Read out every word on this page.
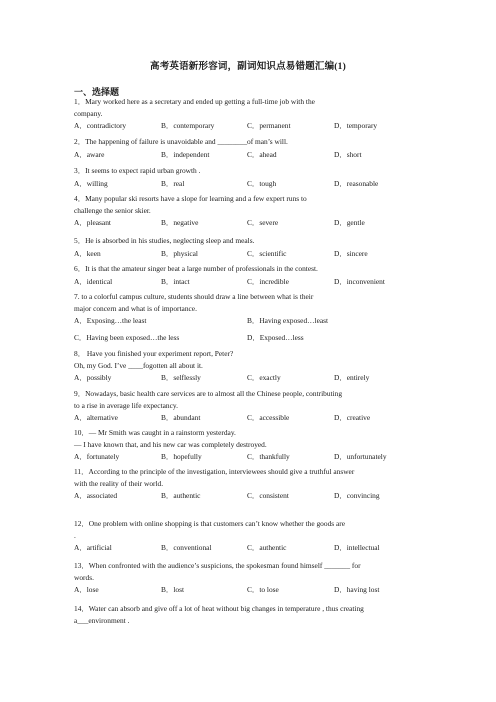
高考英语新形容词，副词知识点易错题汇编(1)
一、选择题
1．Mary worked here as a secretary and ended up getting a full-time job with the
company.
A．contradictory	B．contemporary	C．permanent	D．temporary
2．The happening of failure is unavoidable and ________of man’s will.
A．aware	B．independent	C．ahead	D．short
3．It seems to expect rapid urban growth .
A．willing	B．real	C．tough	D．reasonable
4．Many popular ski resorts have a slope for learning and a few expert runs to
challenge the senior skier.
A．pleasant	B．negative	C．severe	D．gentle
5．He is absorbed in his studies, neglecting sleep and meals.
A．keen	B．physical	C．scientific	D．sincere
6．It is that the amateur singer beat a large number of professionals in the contest.
A．identical	B．intact	C．incredible	D．inconvenient
7. to a colorful campus culture, students should draw a line between what is their
major concern and what is of importance.
A．Exposing…the least	B．Having exposed…least
C．Having been exposed…the less	D．Exposed…less
8． Have you finished your experiment report, Peter?
Oh, my God. I’ve ____fogotten all about it.
A．possibly	B．selflessly	C．exactly	D．entirely
9．Nowadays, basic health care services are to almost all the Chinese people, contributing
to a rise in average life expectancy.
A．alternative	B．abundant	C．accessible	D．creative
10．— Mr Smith was caught in a rainstorm yesterday.
— I have known that, and his new car was completely destroyed.
A．fortunately	B．hopefully	C．thankfully	D．unfortunately
11．According to the principle of the investigation, interviewees should give a truthful answer
with the reality of their world.
A．associated	B．authentic	C．consistent	D．convincing
12．One problem with online shopping is that customers can’t know whether the goods are
.
A．artificial	B．conventional	C．authentic	D．intellectual
13．When confronted with the audience’s suspicions, the spokesman found himself _______ for
words.
A．lose	B．lost	C．to lose	D．having lost
14．Water can absorb and give off a lot of heat without big changes in temperature , thus creating
a___environment .
